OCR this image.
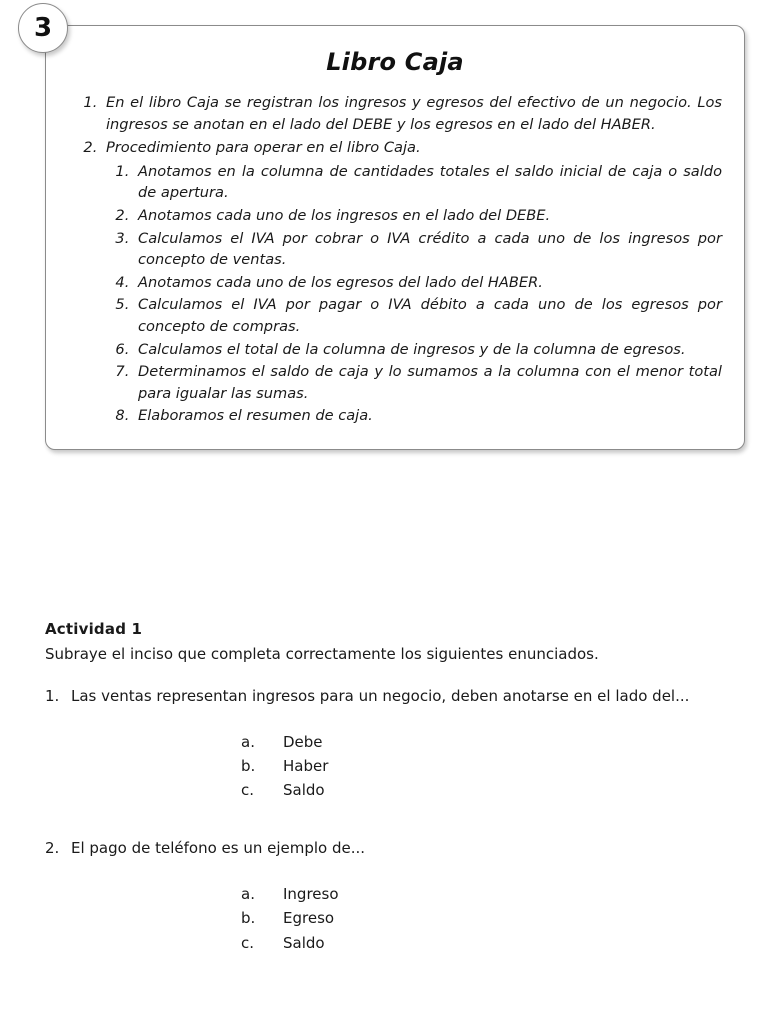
3
Libro Caja
1. En el libro Caja se registran los ingresos y egresos del efectivo de un negocio. Los ingresos se anotan en el lado del DEBE y los egresos en el lado del HABER.
2. Procedimiento para operar en el libro Caja.
1. Anotamos en la columna de cantidades totales el saldo inicial de caja o saldo de apertura.
2. Anotamos cada uno de los ingresos en el lado del DEBE.
3. Calculamos el IVA por cobrar o IVA crédito a cada uno de los ingresos por concepto de ventas.
4. Anotamos cada uno de los egresos del lado del HABER.
5. Calculamos el IVA por pagar o IVA débito a cada uno de los egresos por concepto de compras.
6. Calculamos el total de la columna de ingresos y de la columna de egresos.
7. Determinamos el saldo de caja y lo sumamos a la columna con el menor total para igualar las sumas.
8. Elaboramos el resumen de caja.
Actividad 1
Subraye el inciso que completa correctamente los siguientes enunciados.
1. Las ventas representan ingresos para un negocio, deben anotarse en el lado del...
a.	Debe
b.	Haber
c.	Saldo
2. El pago de teléfono es un ejemplo de...
a.	Ingreso
b.	Egreso
c.	Saldo
